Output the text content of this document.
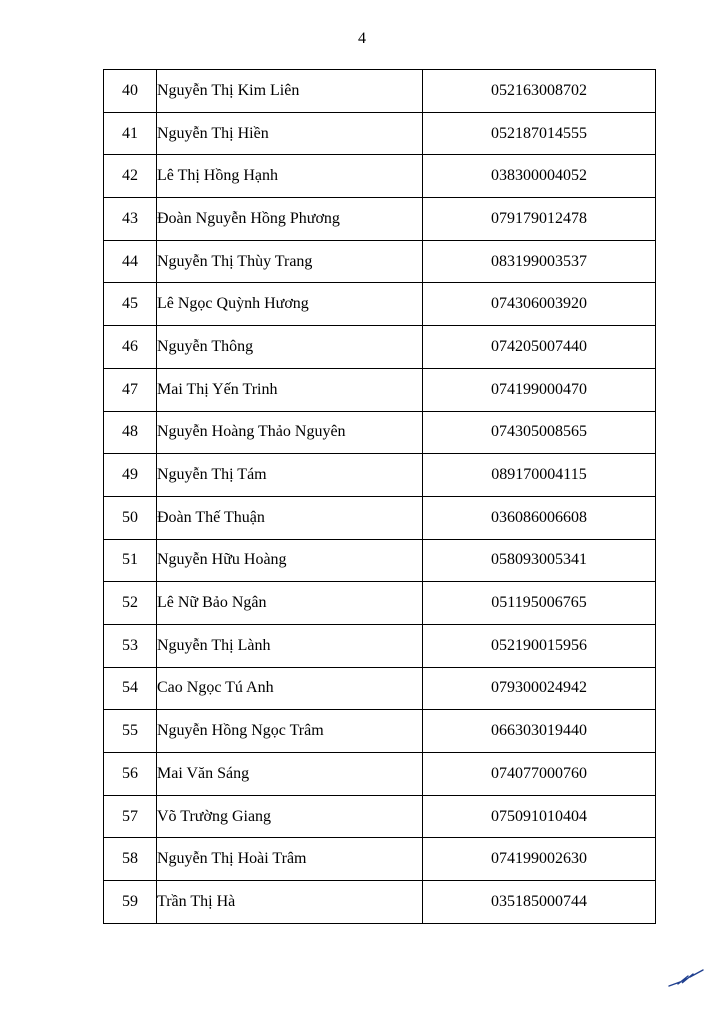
4
40	Nguyễn Thị Kim Liên	052163008702
41	Nguyễn Thị Hiền	052187014555
42	Lê Thị Hồng Hạnh	038300004052
43	Đoàn Nguyễn Hồng Phương	079179012478
44	Nguyễn Thị Thùy Trang	083199003537
45	Lê Ngọc Quỳnh Hương	074306003920
46	Nguyễn Thông	074205007440
47	Mai Thị Yến Trinh	074199000470
48	Nguyễn Hoàng Thảo Nguyên	074305008565
49	Nguyễn Thị Tám	089170004115
50	Đoàn Thế Thuận	036086006608
51	Nguyễn Hữu Hoàng	058093005341
52	Lê Nữ Bảo Ngân	051195006765
53	Nguyễn Thị Lành	052190015956
54	Cao Ngọc Tú Anh	079300024942
55	Nguyễn Hồng Ngọc Trâm	066303019440
56	Mai Văn Sáng	074077000760
57	Võ Trường Giang	075091010404
58	Nguyễn Thị Hoài Trâm	074199002630
59	Trần Thị Hà	035185000744
